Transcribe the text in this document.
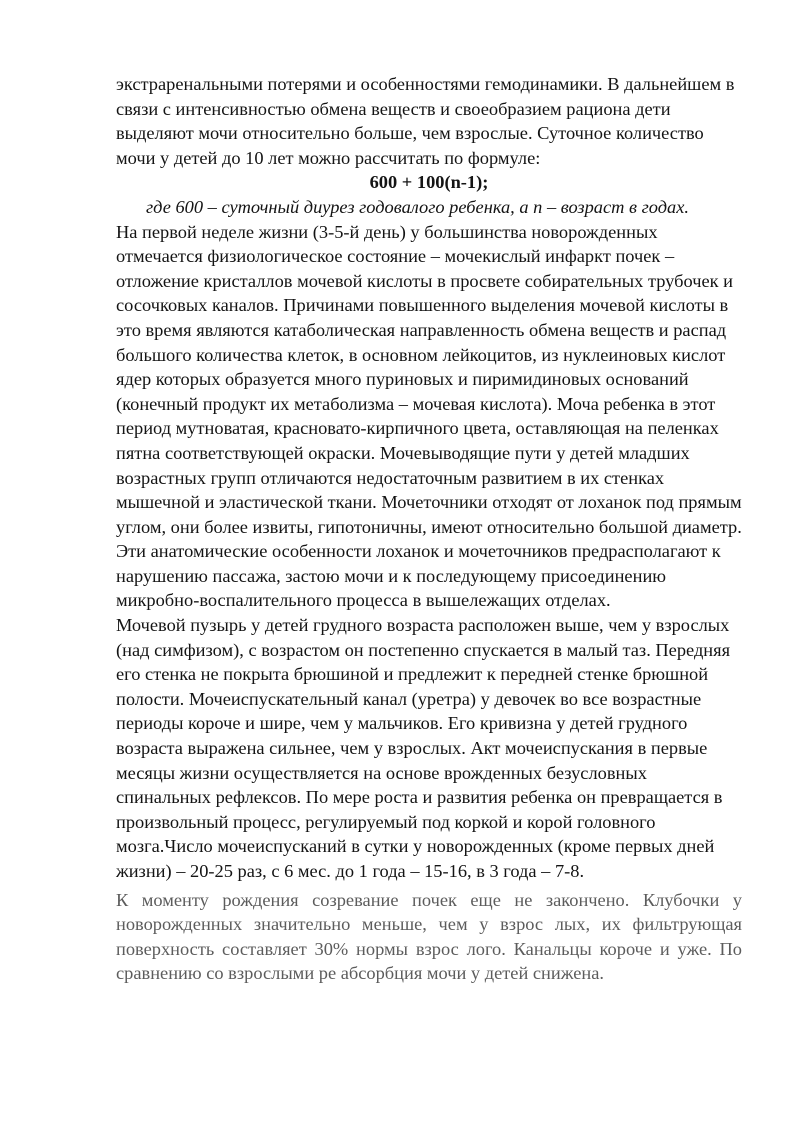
экстраренальными потерями и особенностями гемодинамики. В дальнейшем в связи с интенсивностью обмена веществ и своеобразием рациона дети выделяют мочи относительно больше, чем взрослые. Суточное количество мочи у детей до 10 лет можно рассчитать по формуле:

600 + 100(n-1);

где 600 – суточный диурез годовалого ребенка, а n – возраст в годах.

На первой неделе жизни (3-5-й день) у большинства новорожденных отмечается физиологическое состояние – мочекислый инфаркт почек – отложение кристаллов мочевой кислоты в просвете собирательных трубочек и сосочковых каналов. Причинами повышенного выделения мочевой кислоты в это время являются катаболическая направленность обмена веществ и распад большого количества клеток, в основном лейкоцитов, из нуклеиновых кислот ядер которых образуется много пуриновых и пиримидиновых оснований (конечный продукт их метаболизма – мочевая кислота). Моча ребенка в этот период мутноватая, красновато-кирпичного цвета, оставляющая на пеленках пятна соответствующей окраски. Мочевыводящие пути у детей младших возрастных групп отличаются недостаточным развитием в их стенках мышечной и эластической ткани. Мочеточники отходят от лоханок под прямым углом, они более извиты, гипотоничны, имеют относительно большой диаметр. Эти анатомические особенности лоханок и мочеточников предрасполагают к нарушению пассажа, застою мочи и к последующему присоединению микробно-воспалительного процесса в вышележащих отделах.

Мочевой пузырь у детей грудного возраста расположен выше, чем у взрослых (над симфизом), с возрастом он постепенно спускается в малый таз. Передняя его стенка не покрыта брюшиной и предлежит к передней стенке брюшной полости. Мочеиспускательный канал (уретра) у девочек во все возрастные периоды короче и шире, чем у мальчиков. Его кривизна у детей грудного возраста выражена сильнее, чем у взрослых. Акт мочеиспускания в первые месяцы жизни осуществляется на основе врожденных безусловных спинальных рефлексов. По мере роста и развития ребенка он превращается в произвольный процесс, регулируемый под коркой и корой головного мозга.Число мочеиспусканий в сутки у новорожденных (кроме первых дней жизни) – 20-25 раз, с 6 мес. до 1 года – 15-16, в 3 года – 7-8.

К моменту рождения созревание почек еще не закончено. Клубочки у новорожденных значительно меньше, чем у взрос лых, их фильтрующая поверхность составляет 30% нормы взрос лого. Канальцы короче и уже. По сравнению со взрослыми ре абсорбция мочи у детей снижена.
